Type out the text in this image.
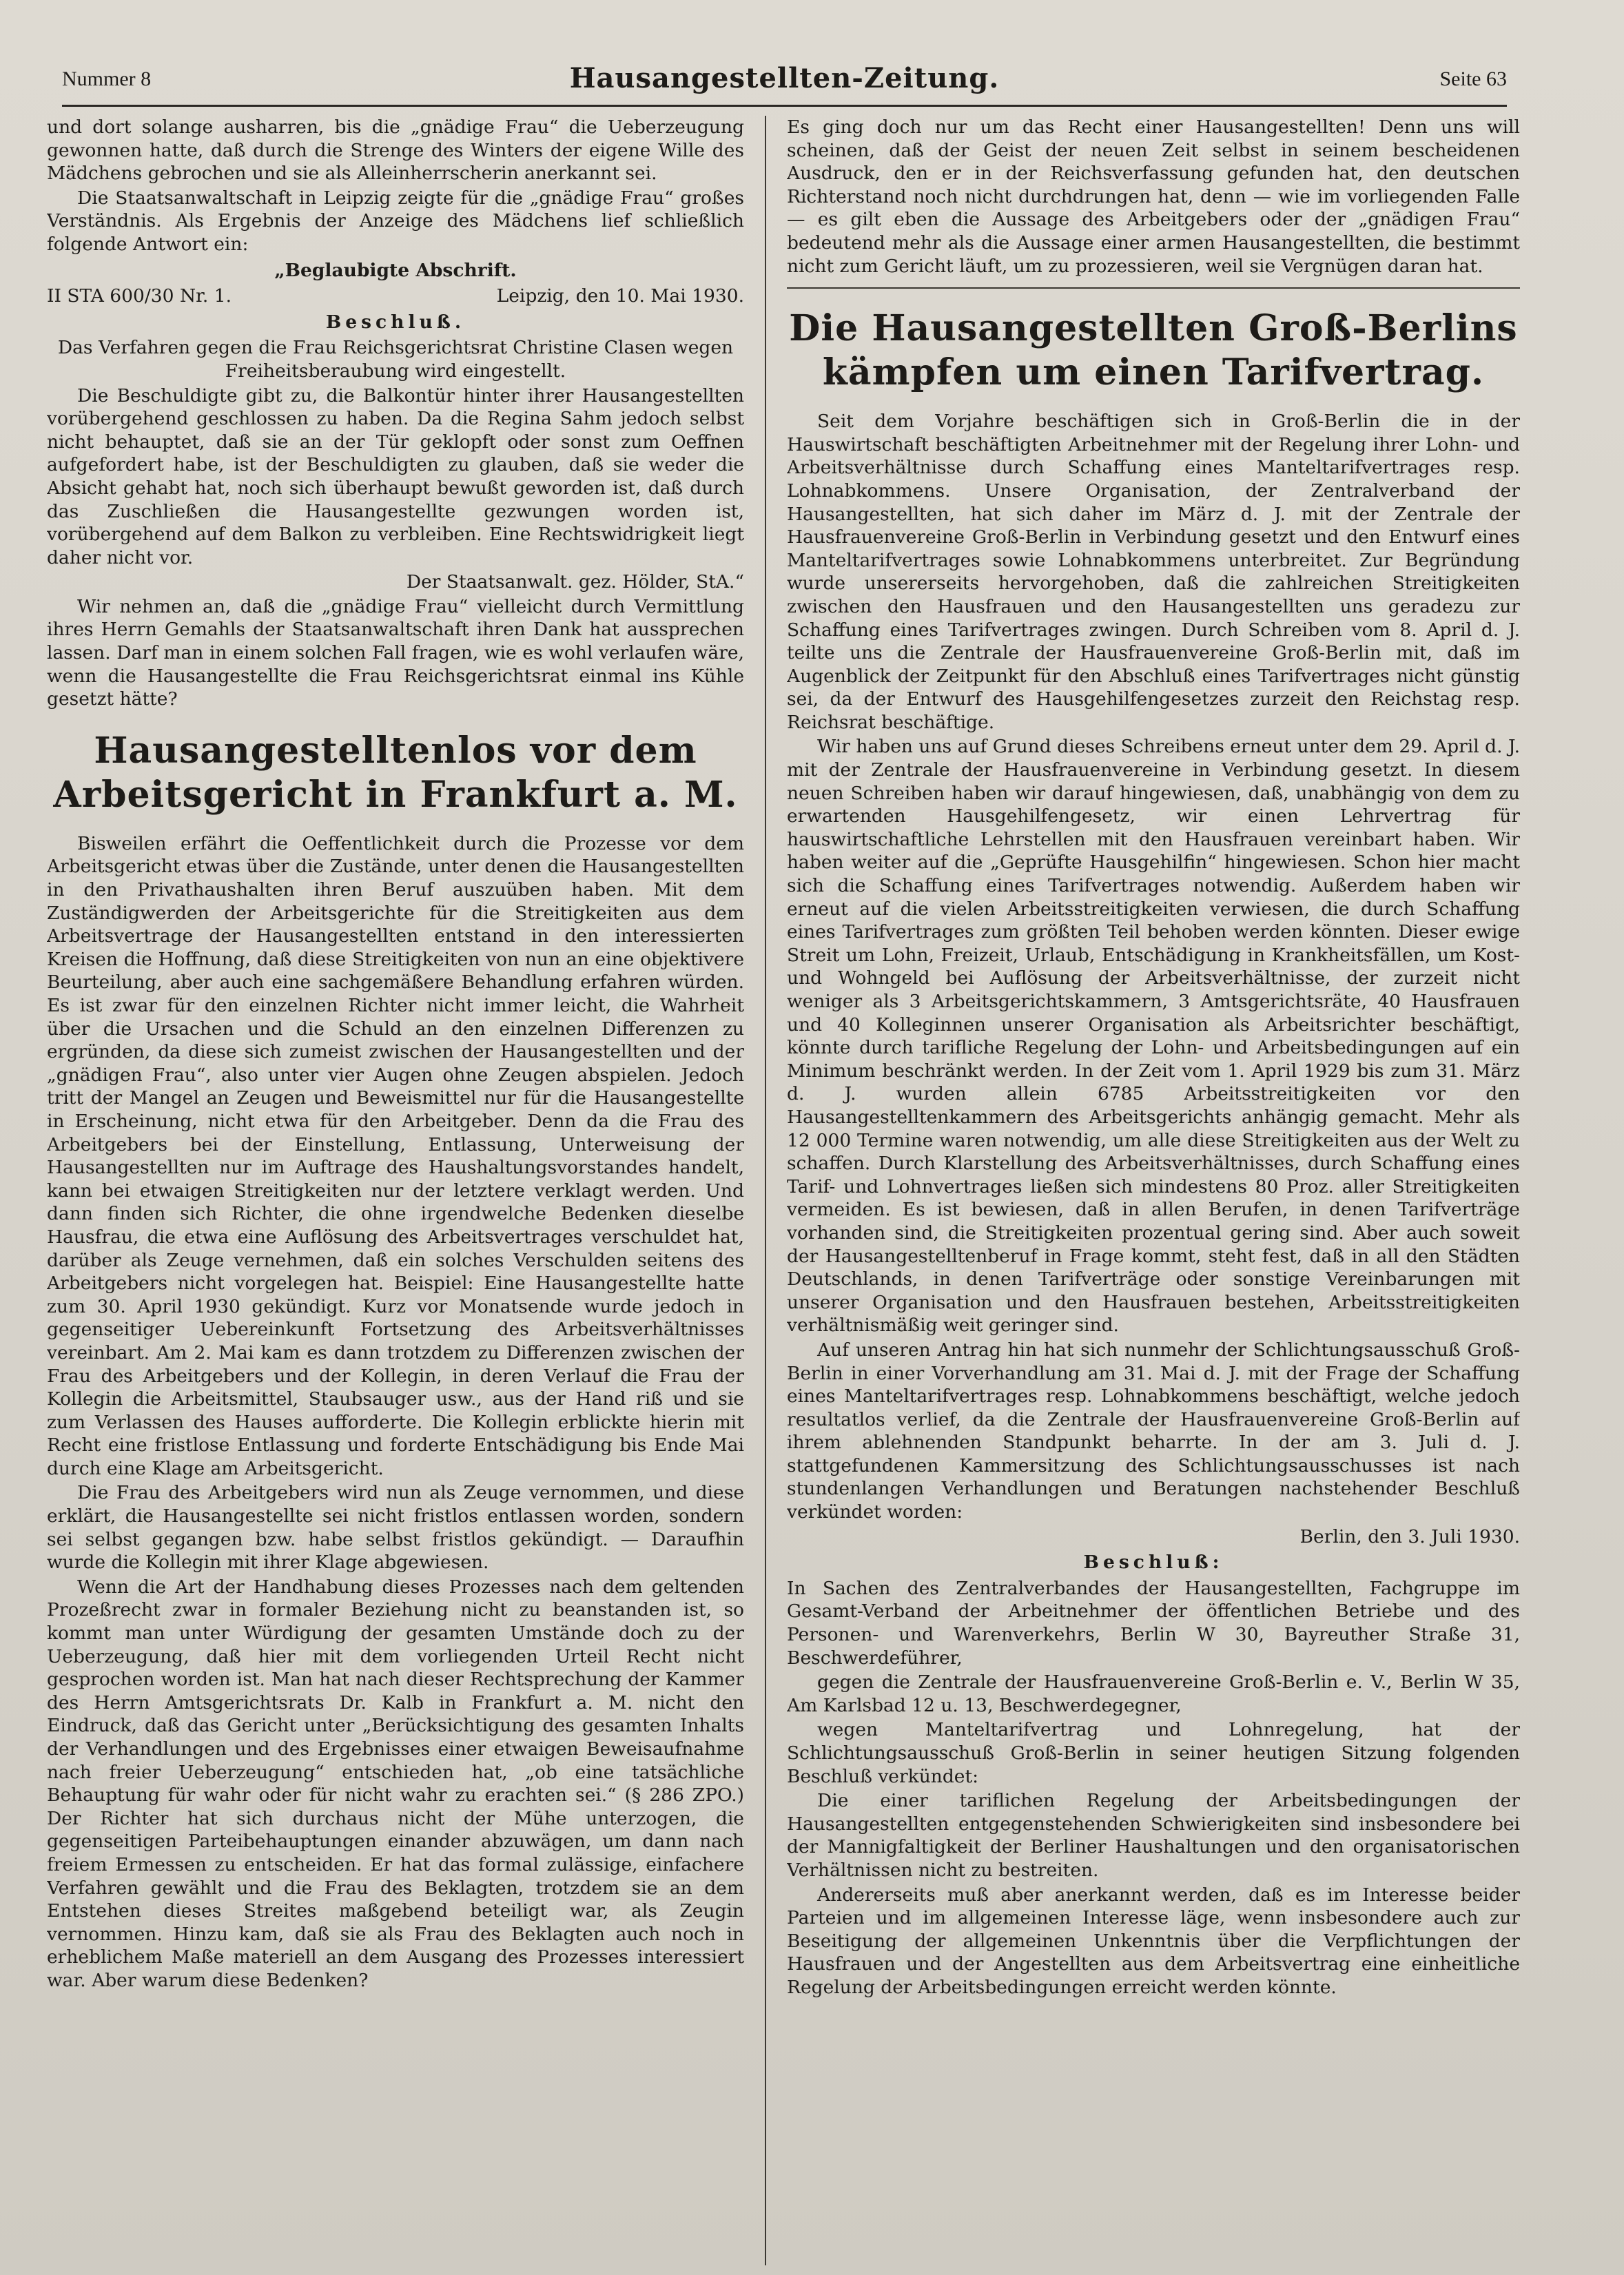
Nummer 8	Hausangestellten-Zeitung.	Seite 63

und dort solange ausharren, bis die „gnädige Frau“ die Ueberzeugung gewonnen hatte, daß durch die Strenge des Winters der eigene Wille des Mädchens gebrochen und sie als Alleinherrscherin anerkannt sei.

Die Staatsanwaltschaft in Leipzig zeigte für die „gnädige Frau“ großes Verständnis. Als Ergebnis der Anzeige des Mädchens lief schließlich folgende Antwort ein:

„Beglaubigte Abschrift.

II STA 600/30 Nr. 1.	Leipzig, den 10. Mai 1930.

Beschluß.

Das Verfahren gegen die Frau Reichsgerichtsrat Christine Clasen wegen Freiheitsberaubung wird eingestellt.

Die Beschuldigte gibt zu, die Balkontür hinter ihrer Hausangestellten vorübergehend geschlossen zu haben. Da die Regina Sahm jedoch selbst nicht behauptet, daß sie an der Tür geklopft oder sonst zum Oeffnen aufgefordert habe, ist der Beschuldigten zu glauben, daß sie weder die Absicht gehabt hat, noch sich überhaupt bewußt geworden ist, daß durch das Zuschließen die Hausangestellte gezwungen worden ist, vorübergehend auf dem Balkon zu verbleiben. Eine Rechtswidrigkeit liegt daher nicht vor.

Der Staatsanwalt. gez. Hölder, StA.“

Wir nehmen an, daß die „gnädige Frau“ vielleicht durch Vermittlung ihres Herrn Gemahls der Staatsanwaltschaft ihren Dank hat aussprechen lassen. Darf man in einem solchen Fall fragen, wie es wohl verlaufen wäre, wenn die Hausangestellte die Frau Reichsgerichtsrat einmal ins Kühle gesetzt hätte?

Hausangestelltenlos vor dem Arbeitsgericht in Frankfurt a. M.

Bisweilen erfährt die Oeffentlichkeit durch die Prozesse vor dem Arbeitsgericht etwas über die Zustände, unter denen die Hausangestellten in den Privathaushalten ihren Beruf auszuüben haben. Mit dem Zuständigwerden der Arbeitsgerichte für die Streitigkeiten aus dem Arbeitsvertrage der Hausangestellten entstand in den interessierten Kreisen die Hoffnung, daß diese Streitigkeiten von nun an eine objektivere Beurteilung, aber auch eine sachgemäßere Behandlung erfahren würden. Es ist zwar für den einzelnen Richter nicht immer leicht, die Wahrheit über die Ursachen und die Schuld an den einzelnen Differenzen zu ergründen, da diese sich zumeist zwischen der Hausangestellten und der „gnädigen Frau“, also unter vier Augen ohne Zeugen abspielen. Jedoch tritt der Mangel an Zeugen und Beweismittel nur für die Hausangestellte in Erscheinung, nicht etwa für den Arbeitgeber. Denn da die Frau des Arbeitgebers bei der Einstellung, Entlassung, Unterweisung der Hausangestellten nur im Auftrage des Haushaltungsvorstandes handelt, kann bei etwaigen Streitigkeiten nur der letztere verklagt werden. Und dann finden sich Richter, die ohne irgendwelche Bedenken dieselbe Hausfrau, die etwa eine Auflösung des Arbeitsvertrages verschuldet hat, darüber als Zeuge vernehmen, daß ein solches Verschulden seitens des Arbeitgebers nicht vorgelegen hat. Beispiel: Eine Hausangestellte hatte zum 30. April 1930 gekündigt. Kurz vor Monatsende wurde jedoch in gegenseitiger Uebereinkunft Fortsetzung des Arbeitsverhältnisses vereinbart. Am 2. Mai kam es dann trotzdem zu Differenzen zwischen der Frau des Arbeitgebers und der Kollegin, in deren Verlauf die Frau der Kollegin die Arbeitsmittel, Staubsauger usw., aus der Hand riß und sie zum Verlassen des Hauses aufforderte. Die Kollegin erblickte hierin mit Recht eine fristlose Entlassung und forderte Entschädigung bis Ende Mai durch eine Klage am Arbeitsgericht.

Die Frau des Arbeitgebers wird nun als Zeuge vernommen, und diese erklärt, die Hausangestellte sei nicht fristlos entlassen worden, sondern sei selbst gegangen bzw. habe selbst fristlos gekündigt. — Daraufhin wurde die Kollegin mit ihrer Klage abgewiesen.

Wenn die Art der Handhabung dieses Prozesses nach dem geltenden Prozeßrecht zwar in formaler Beziehung nicht zu beanstanden ist, so kommt man unter Würdigung der gesamten Umstände doch zu der Ueberzeugung, daß hier mit dem vorliegenden Urteil Recht nicht gesprochen worden ist. Man hat nach dieser Rechtsprechung der Kammer des Herrn Amtsgerichtsrats Dr. Kalb in Frankfurt a. M. nicht den Eindruck, daß das Gericht unter „Berücksichtigung des gesamten Inhalts der Verhandlungen und des Ergebnisses einer etwaigen Beweisaufnahme nach freier Ueberzeugung“ entschieden hat, „ob eine tatsächliche Behauptung für wahr oder für nicht wahr zu erachten sei.“ (§ 286 ZPO.) Der Richter hat sich durchaus nicht der Mühe unterzogen, die gegenseitigen Parteibehauptungen einander abzuwägen, um dann nach freiem Ermessen zu entscheiden. Er hat das formal zulässige, einfachere Verfahren gewählt und die Frau des Beklagten, trotzdem sie an dem Entstehen dieses Streites maßgebend beteiligt war, als Zeugin vernommen. Hinzu kam, daß sie als Frau des Beklagten auch noch in erheblichem Maße materiell an dem Ausgang des Prozesses interessiert war. Aber warum diese Bedenken?

Es ging doch nur um das Recht einer Hausangestellten! Denn uns will scheinen, daß der Geist der neuen Zeit selbst in seinem bescheidenen Ausdruck, den er in der Reichsverfassung gefunden hat, den deutschen Richterstand noch nicht durchdrungen hat, denn — wie im vorliegenden Falle — es gilt eben die Aussage des Arbeitgebers oder der „gnädigen Frau“ bedeutend mehr als die Aussage einer armen Hausangestellten, die bestimmt nicht zum Gericht läuft, um zu prozessieren, weil sie Vergnügen daran hat.

Die Hausangestellten Groß-Berlins kämpfen um einen Tarifvertrag.

Seit dem Vorjahre beschäftigen sich in Groß-Berlin die in der Hauswirtschaft beschäftigten Arbeitnehmer mit der Regelung ihrer Lohn- und Arbeitsverhältnisse durch Schaffung eines Manteltarifvertrages resp. Lohnabkommens. Unsere Organisation, der Zentralverband der Hausangestellten, hat sich daher im März d. J. mit der Zentrale der Hausfrauenvereine Groß-Berlin in Verbindung gesetzt und den Entwurf eines Manteltarifvertrages sowie Lohnabkommens unterbreitet. Zur Begründung wurde unsererseits hervorgehoben, daß die zahlreichen Streitigkeiten zwischen den Hausfrauen und den Hausangestellten uns geradezu zur Schaffung eines Tarifvertrages zwingen. Durch Schreiben vom 8. April d. J. teilte uns die Zentrale der Hausfrauenvereine Groß-Berlin mit, daß im Augenblick der Zeitpunkt für den Abschluß eines Tarifvertrages nicht günstig sei, da der Entwurf des Hausgehilfengesetzes zurzeit den Reichstag resp. Reichsrat beschäftige.

Wir haben uns auf Grund dieses Schreibens erneut unter dem 29. April d. J. mit der Zentrale der Hausfrauenvereine in Verbindung gesetzt. In diesem neuen Schreiben haben wir darauf hingewiesen, daß, unabhängig von dem zu erwartenden Hausgehilfengesetz, wir einen Lehrvertrag für hauswirtschaftliche Lehrstellen mit den Hausfrauen vereinbart haben. Wir haben weiter auf die „Geprüfte Hausgehilfin“ hingewiesen. Schon hier macht sich die Schaffung eines Tarifvertrages notwendig. Außerdem haben wir erneut auf die vielen Arbeitsstreitigkeiten verwiesen, die durch Schaffung eines Tarifvertrages zum größten Teil behoben werden könnten. Dieser ewige Streit um Lohn, Freizeit, Urlaub, Entschädigung in Krankheitsfällen, um Kost- und Wohngeld bei Auflösung der Arbeitsverhältnisse, der zurzeit nicht weniger als 3 Arbeitsgerichtskammern, 3 Amtsgerichtsräte, 40 Hausfrauen und 40 Kolleginnen unserer Organisation als Arbeitsrichter beschäftigt, könnte durch tarifliche Regelung der Lohn- und Arbeitsbedingungen auf ein Minimum beschränkt werden. In der Zeit vom 1. April 1929 bis zum 31. März d. J. wurden allein 6785 Arbeitsstreitigkeiten vor den Hausangestelltenkammern des Arbeitsgerichts anhängig gemacht. Mehr als 12 000 Termine waren notwendig, um alle diese Streitigkeiten aus der Welt zu schaffen. Durch Klarstellung des Arbeitsverhältnisses, durch Schaffung eines Tarif- und Lohnvertrages ließen sich mindestens 80 Proz. aller Streitigkeiten vermeiden. Es ist bewiesen, daß in allen Berufen, in denen Tarifverträge vorhanden sind, die Streitigkeiten prozentual gering sind. Aber auch soweit der Hausangestelltenberuf in Frage kommt, steht fest, daß in all den Städten Deutschlands, in denen Tarifverträge oder sonstige Vereinbarungen mit unserer Organisation und den Hausfrauen bestehen, Arbeitsstreitigkeiten verhältnismäßig weit geringer sind.

Auf unseren Antrag hin hat sich nunmehr der Schlichtungsausschuß Groß-Berlin in einer Vorverhandlung am 31. Mai d. J. mit der Frage der Schaffung eines Manteltarifvertrages resp. Lohnabkommens beschäftigt, welche jedoch resultatlos verlief, da die Zentrale der Hausfrauenvereine Groß-Berlin auf ihrem ablehnenden Standpunkt beharrte. In der am 3. Juli d. J. stattgefundenen Kammersitzung des Schlichtungsausschusses ist nach stundenlangen Verhandlungen und Beratungen nachstehender Beschluß verkündet worden:

Berlin, den 3. Juli 1930.

Beschluß:

In Sachen des Zentralverbandes der Hausangestellten, Fachgruppe im Gesamt-Verband der Arbeitnehmer der öffentlichen Betriebe und des Personen- und Warenverkehrs, Berlin W 30, Bayreuther Straße 31, Beschwerdeführer,

gegen die Zentrale der Hausfrauenvereine Groß-Berlin e. V., Berlin W 35, Am Karlsbad 12 u. 13, Beschwerdegegner,

wegen Manteltarifvertrag und Lohnregelung, hat der Schlichtungsausschuß Groß-Berlin in seiner heutigen Sitzung folgenden Beschluß verkündet:

Die einer tariflichen Regelung der Arbeitsbedingungen der Hausangestellten entgegenstehenden Schwierigkeiten sind insbesondere bei der Mannigfaltigkeit der Berliner Haushaltungen und den organisatorischen Verhältnissen nicht zu bestreiten.

Andererseits muß aber anerkannt werden, daß es im Interesse beider Parteien und im allgemeinen Interesse läge, wenn insbesondere auch zur Beseitigung der allgemeinen Unkenntnis über die Verpflichtungen der Hausfrauen und der Angestellten aus dem Arbeitsvertrag eine einheitliche Regelung der Arbeitsbedingungen erreicht werden könnte.
